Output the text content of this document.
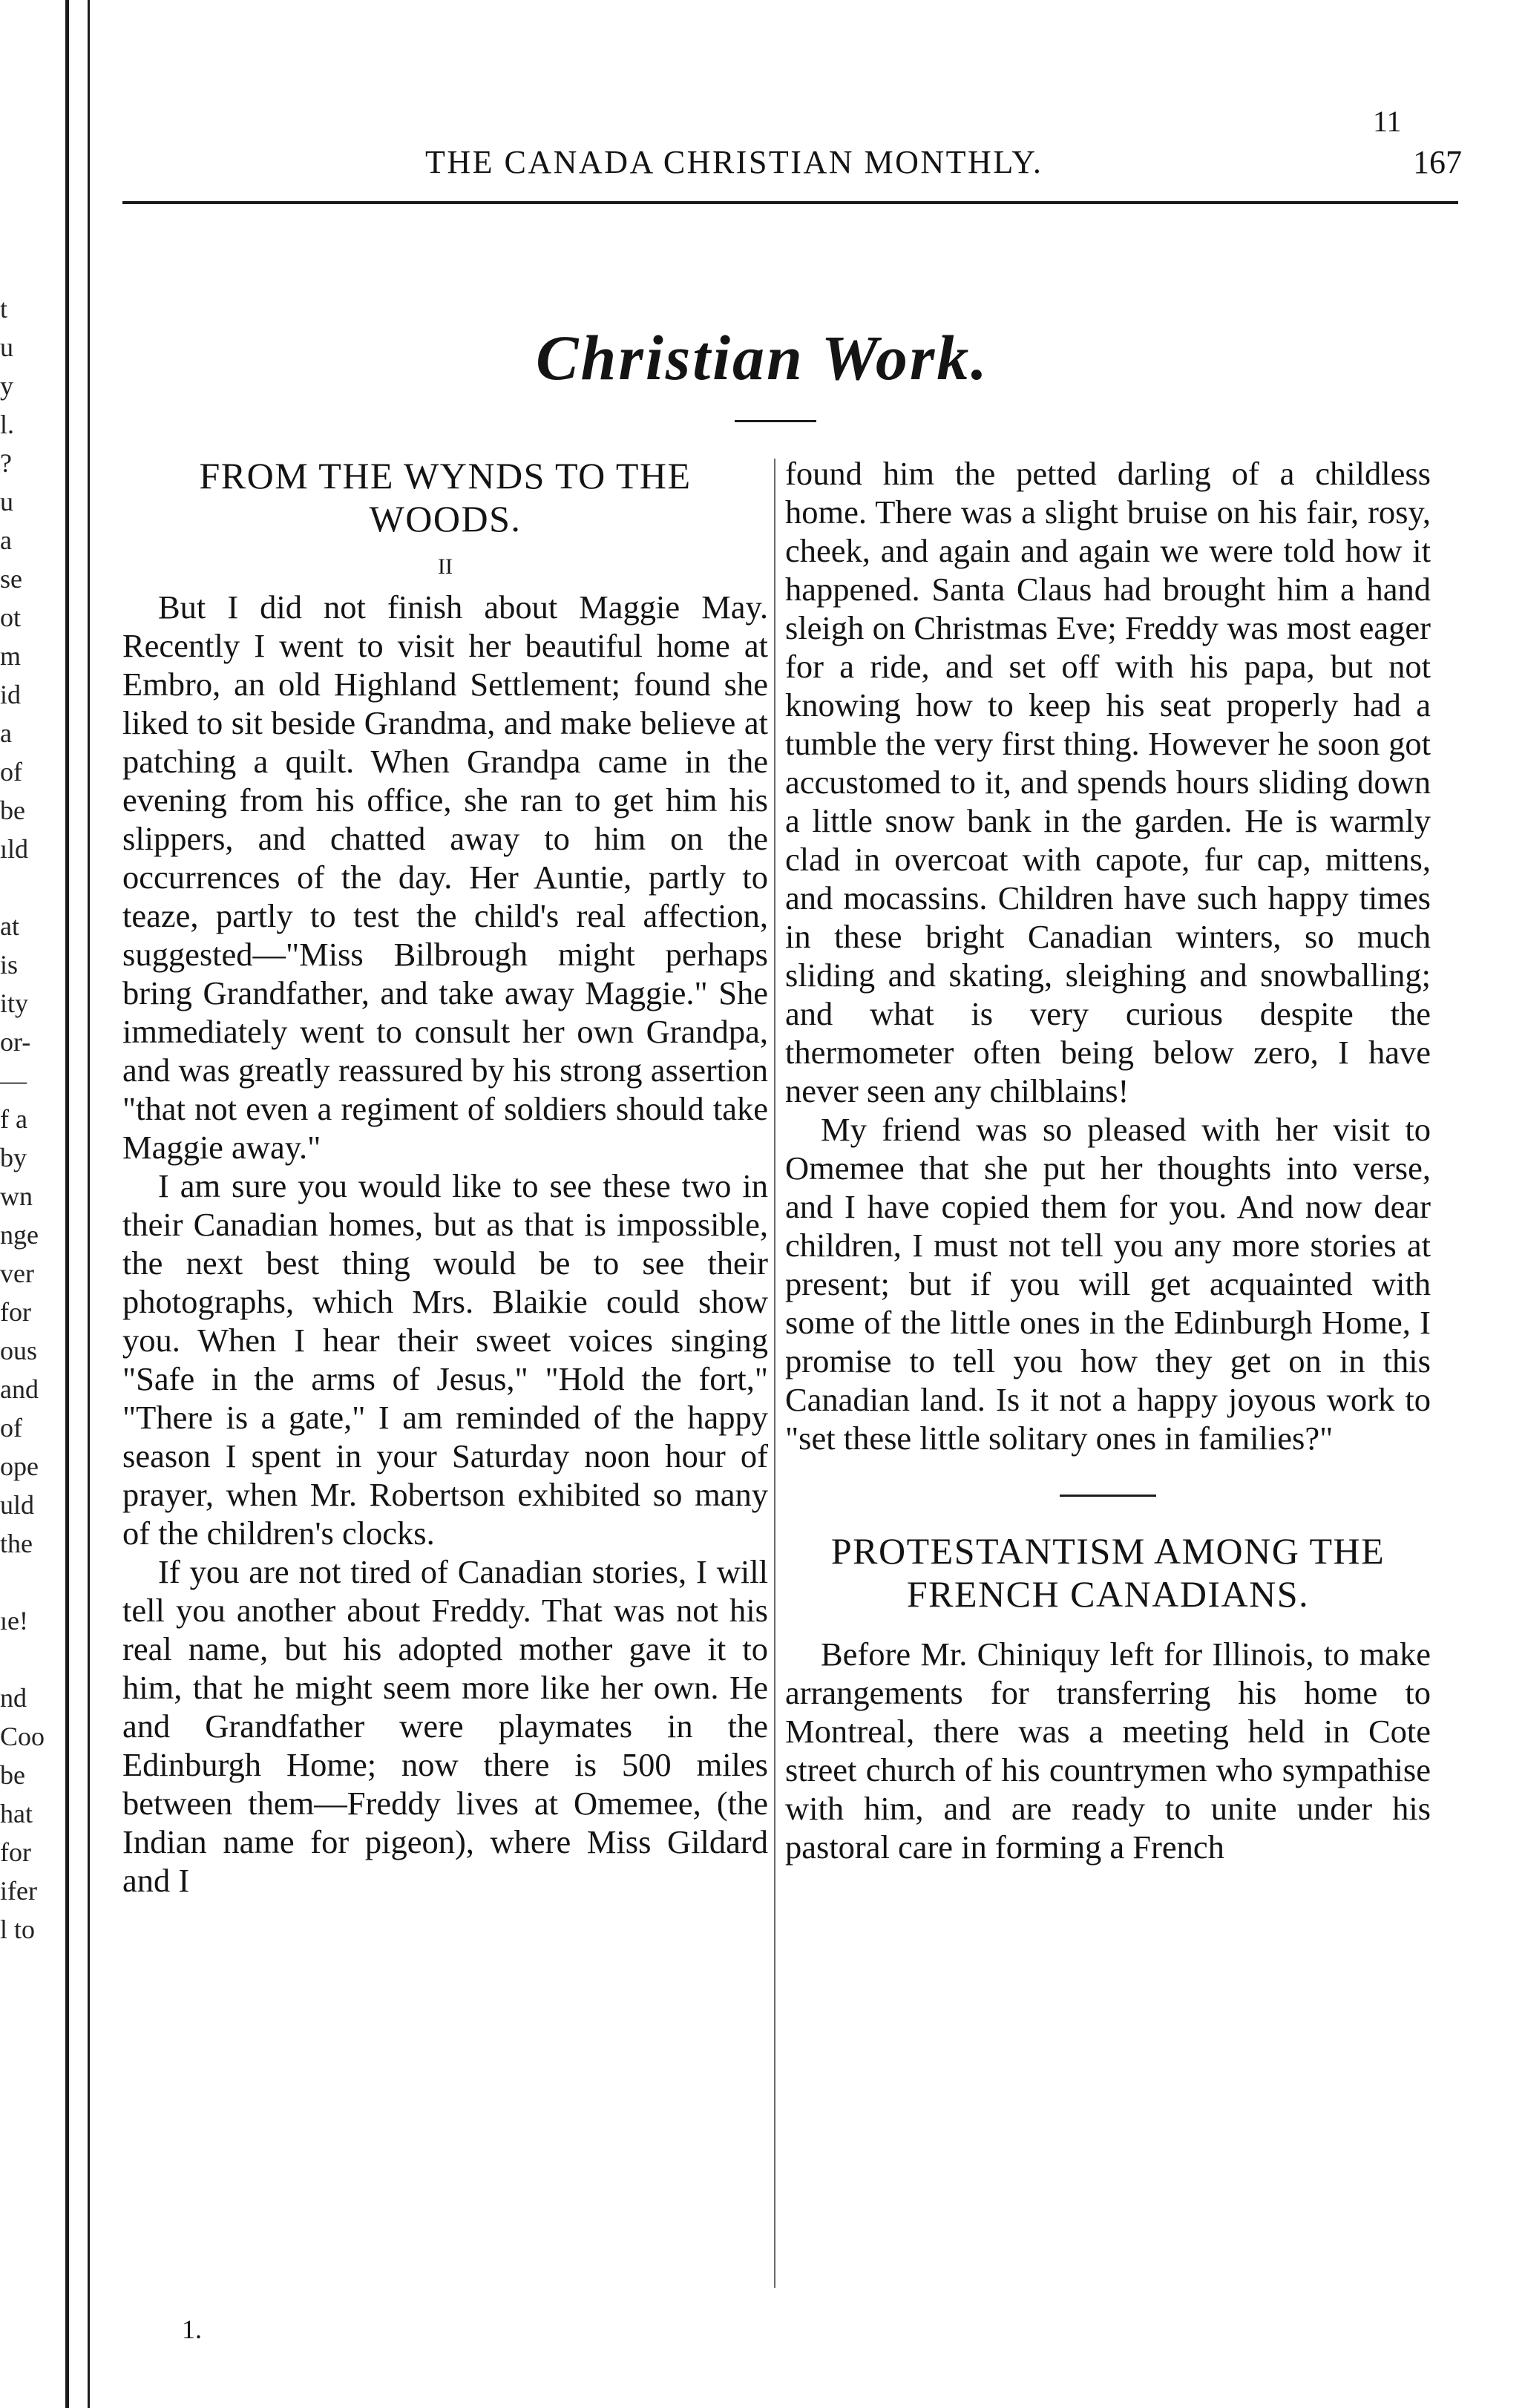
t
u
y
l.
?
u
a
se
ot
m
id
a
of
be
ıld

at
is
ity
or-
—
f a
by
wn
nge
ver
for
ous
and
of
ope
uld
the

ıe!

nd
Coo
be
hat
for
ifer
l to
11
THE CANADA CHRISTIAN MONTHLY.	167
Christian Work.
FROM THE WYNDS TO THE WOODS.
II

But I did not finish about Maggie May. Recently I went to visit her beautiful home at Embro, an old Highland Settlement; found she liked to sit beside Grandma, and make believe at patching a quilt. When Grandpa came in the evening from his office, she ran to get him his slippers, and chatted away to him on the occurrences of the day. Her Auntie, partly to teaze, partly to test the child's real affection, suggested—"Miss Bilbrough might perhaps bring Grandfather, and take away Maggie." She immediately went to consult her own Grandpa, and was greatly reassured by his strong assertion "that not even a regiment of soldiers should take Maggie away."

I am sure you would like to see these two in their Canadian homes, but as that is impossible, the next best thing would be to see their photographs, which Mrs. Blaikie could show you. When I hear their sweet voices singing "Safe in the arms of Jesus," "Hold the fort," "There is a gate," I am reminded of the happy season I spent in your Saturday noon hour of prayer, when Mr. Robertson exhibited so many of the children's clocks.

If you are not tired of Canadian stories, I will tell you another about Freddy. That was not his real name, but his adopted mother gave it to him, that he might seem more like her own. He and Grandfather were playmates in the Edinburgh Home; now there is 500 miles between them—Freddy lives at Omemee, (the Indian name for pigeon), where Miss Gildard and I

found him the petted darling of a childless home. There was a slight bruise on his fair, rosy, cheek, and again and again we were told how it happened. Santa Claus had brought him a hand sleigh on Christmas Eve; Freddy was most eager for a ride, and set off with his papa, but not knowing how to keep his seat properly had a tumble the very first thing. However he soon got accustomed to it, and spends hours sliding down a little snow bank in the garden. He is warmly clad in overcoat with capote, fur cap, mittens, and mocassins. Children have such happy times in these bright Canadian winters, so much sliding and skating, sleighing and snowballing; and what is very curious despite the thermometer often being below zero, I have never seen any chilblains!

My friend was so pleased with her visit to Omemee that she put her thoughts into verse, and I have copied them for you. And now dear children, I must not tell you any more stories at present; but if you will get acquainted with some of the little ones in the Edinburgh Home, I promise to tell you how they get on in this Canadian land. Is it not a happy joyous work to "set these little solitary ones in families?"

PROTESTANTISM AMONG THE FRENCH CANADIANS.

Before Mr. Chiniquy left for Illinois, to make arrangements for transferring his home to Montreal, there was a meeting held in Cote street church of his countrymen who sympathise with him, and are ready to unite under his pastoral care in forming a French

1.
